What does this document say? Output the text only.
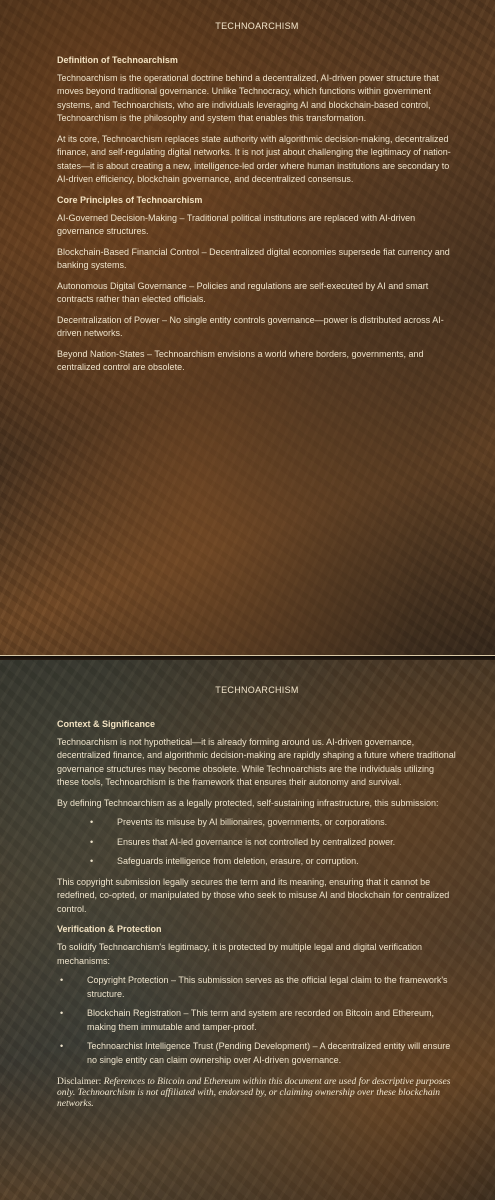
TECHNOARCHISM

Definition of Technoarchism

Technoarchism is the operational doctrine behind a decentralized, AI-driven power structure that moves beyond traditional governance. Unlike Technocracy, which functions within government systems, and Technoarchists, who are individuals leveraging AI and blockchain-based control, Technoarchism is the philosophy and system that enables this transformation.

At its core, Technoarchism replaces state authority with algorithmic decision-making, decentralized finance, and self-regulating digital networks. It is not just about challenging the legitimacy of nation-states—it is about creating a new, intelligence-led order where human institutions are secondary to AI-driven efficiency, blockchain governance, and decentralized consensus.

Core Principles of Technoarchism

AI-Governed Decision-Making – Traditional political institutions are replaced with AI-driven governance structures.

Blockchain-Based Financial Control – Decentralized digital economies supersede fiat currency and banking systems.

Autonomous Digital Governance – Policies and regulations are self-executed by AI and smart contracts rather than elected officials.

Decentralization of Power – No single entity controls governance—power is distributed across AI-driven networks.

Beyond Nation-States – Technoarchism envisions a world where borders, governments, and centralized control are obsolete.

TECHNOARCHISM

Context & Significance

Technoarchism is not hypothetical—it is already forming around us. AI-driven governance, decentralized finance, and algorithmic decision-making are rapidly shaping a future where traditional governance structures may become obsolete. While Technoarchists are the individuals utilizing these tools, Technoarchism is the framework that ensures their autonomy and survival.

By defining Technoarchism as a legally protected, self-sustaining infrastructure, this submission:

•	Prevents its misuse by AI billionaires, governments, or corporations.
•	Ensures that AI-led governance is not controlled by centralized power.
•	Safeguards intelligence from deletion, erasure, or corruption.

This copyright submission legally secures the term and its meaning, ensuring that it cannot be redefined, co-opted, or manipulated by those who seek to misuse AI and blockchain for centralized control.

Verification & Protection

To solidify Technoarchism's legitimacy, it is protected by multiple legal and digital verification mechanisms:

•	Copyright Protection – This submission serves as the official legal claim to the framework's structure.
•	Blockchain Registration – This term and system are recorded on Bitcoin and Ethereum, making them immutable and tamper-proof.
•	Technoarchist Intelligence Trust (Pending Development) – A decentralized entity will ensure no single entity can claim ownership over AI-driven governance.

Disclaimer: References to Bitcoin and Ethereum within this document are used for descriptive purposes only. Technoarchism is not affiliated with, endorsed by, or claiming ownership over these blockchain networks.
